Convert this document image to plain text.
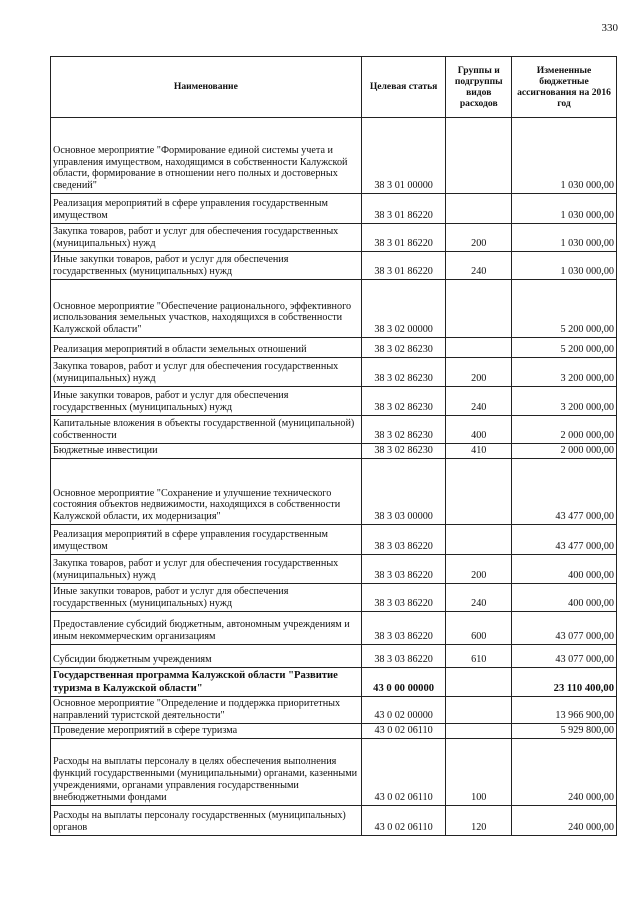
330
Наименование	Целевая статья	Группы и подгруппы видов расходов	Измененные бюджетные ассигнования на 2016 год
Основное мероприятие "Формирование единой системы учета и управления имуществом, находящимся в собственности Калужской области, формирование в отношении него полных и достоверных сведений"	38 3 01 00000		1 030 000,00
Реализация мероприятий в сфере управления государственным имуществом	38 3 01 86220		1 030 000,00
Закупка товаров, работ и услуг для обеспечения государственных (муниципальных) нужд	38 3 01 86220	200	1 030 000,00
Иные закупки товаров, работ и услуг для обеспечения государственных (муниципальных) нужд	38 3 01 86220	240	1 030 000,00
Основное мероприятие "Обеспечение рационального, эффективного использования земельных участков, находящихся в собственности Калужской области"	38 3 02 00000		5 200 000,00
Реализация мероприятий в области земельных отношений	38 3 02 86230		5 200 000,00
Закупка товаров, работ и услуг для обеспечения государственных (муниципальных) нужд	38 3 02 86230	200	3 200 000,00
Иные закупки товаров, работ и услуг для обеспечения государственных (муниципальных) нужд	38 3 02 86230	240	3 200 000,00
Капитальные вложения в объекты государственной (муниципальной) собственности	38 3 02 86230	400	2 000 000,00
Бюджетные инвестиции	38 3 02 86230	410	2 000 000,00
Основное мероприятие "Сохранение и улучшение технического состояния объектов недвижимости, находящихся в собственности Калужской области, их модернизация"	38 3 03 00000		43 477 000,00
Реализация мероприятий в сфере управления государственным имуществом	38 3 03 86220		43 477 000,00
Закупка товаров, работ и услуг для обеспечения государственных (муниципальных) нужд	38 3 03 86220	200	400 000,00
Иные закупки товаров, работ и услуг для обеспечения государственных (муниципальных) нужд	38 3 03 86220	240	400 000,00
Предоставление субсидий бюджетным, автономным учреждениям и иным некоммерческим организациям	38 3 03 86220	600	43 077 000,00
Субсидии бюджетным учреждениям	38 3 03 86220	610	43 077 000,00
Государственная программа Калужской области "Развитие туризма в Калужской области"	43 0 00 00000		23 110 400,00
Основное мероприятие "Определение и поддержка приоритетных направлений туристской деятельности"	43 0 02 00000		13 966 900,00
Проведение мероприятий в сфере туризма	43 0 02 06110		5 929 800,00
Расходы на выплаты персоналу в целях обеспечения выполнения функций государственными (муниципальными) органами, казенными учреждениями, органами управления государственными внебюджетными фондами	43 0 02 06110	100	240 000,00
Расходы на выплаты персоналу государственных (муниципальных) органов	43 0 02 06110	120	240 000,00
